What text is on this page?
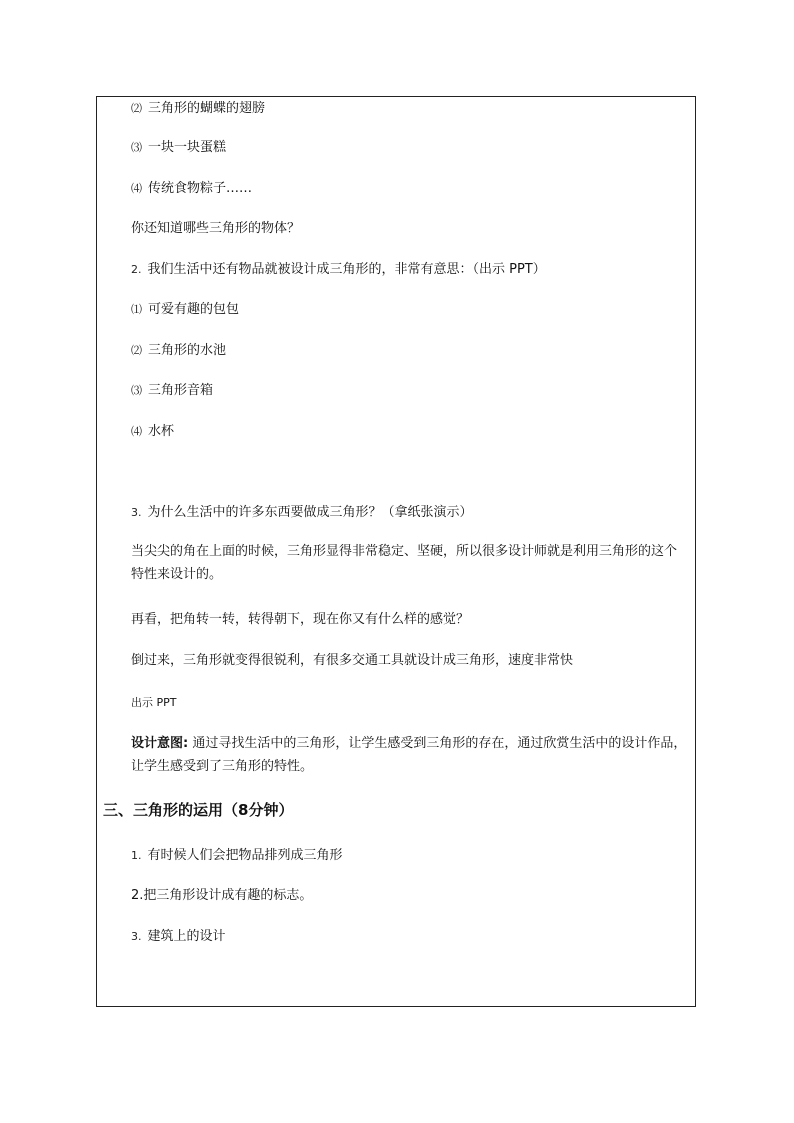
⑵ 三角形的蝴蝶的翅膀
⑶ 一块一块蛋糕
⑷ 传统食物粽子……
你还知道哪些三角形的物体？
2. 我们生活中还有物品就被设计成三角形的，非常有意思：（出示 PPT）
⑴ 可爱有趣的包包
⑵ 三角形的水池
⑶ 三角形音箱
⑷ 水杯
3. 为什么生活中的许多东西要做成三角形？（拿纸张演示）
当尖尖的角在上面的时候，三角形显得非常稳定、坚硬，所以很多设计师就是利用三角形的这个特性来设计的。
再看，把角转一转，转得朝下，现在你又有什么样的感觉？
倒过来，三角形就变得很锐利，有很多交通工具就设计成三角形，速度非常快
出示 PPT
设计意图: 通过寻找生活中的三角形，让学生感受到三角形的存在，通过欣赏生活中的设计作品，让学生感受到了三角形的特性。
三、三角形的运用（8分钟）
1. 有时候人们会把物品排列成三角形
2.把三角形设计成有趣的标志。
3. 建筑上的设计
